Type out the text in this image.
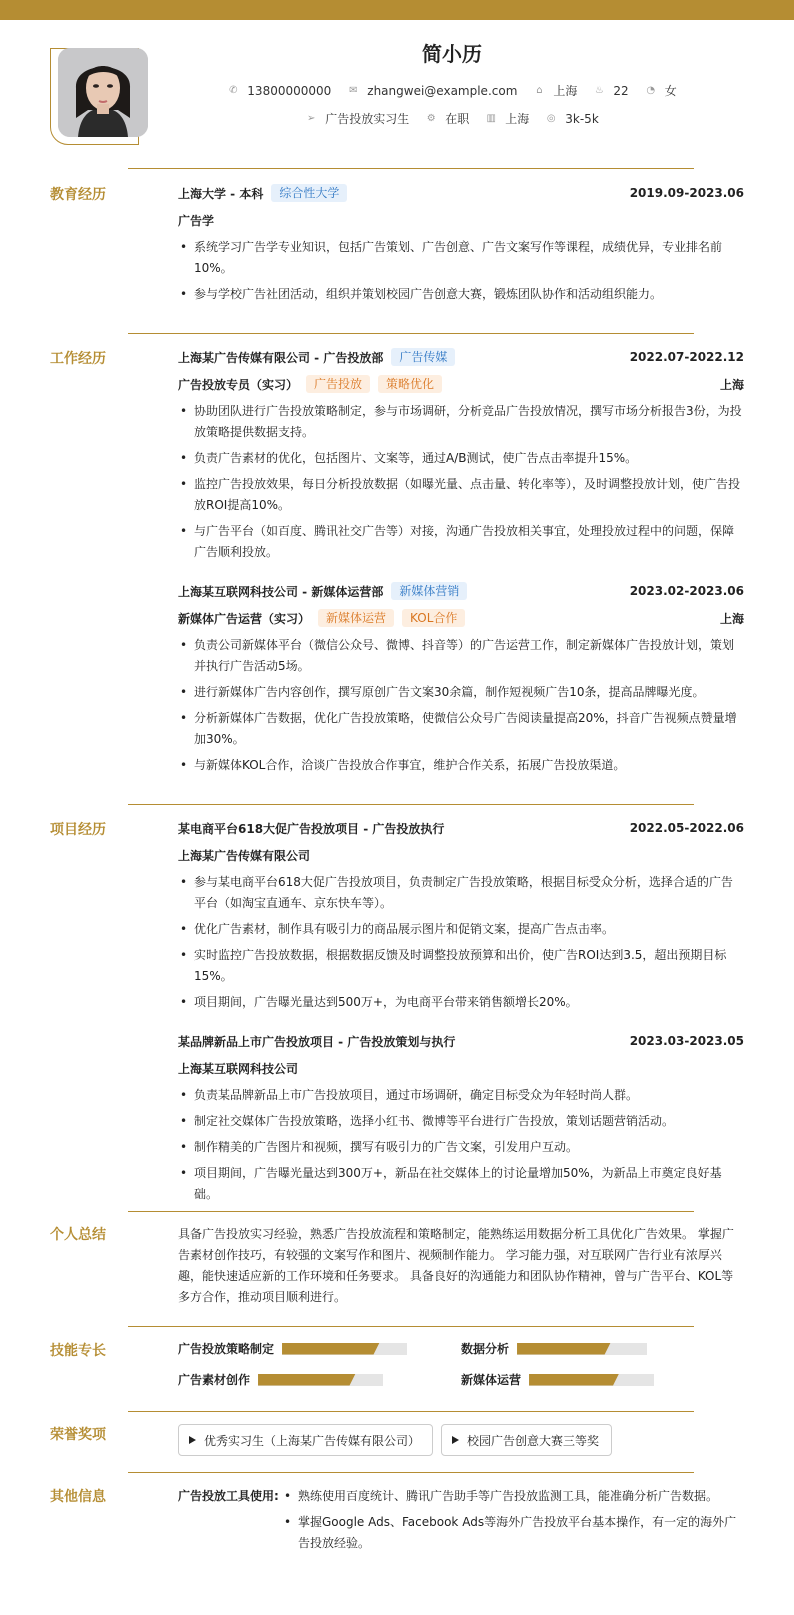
简小历
✆ 13800000000 ✉ zhangwei@example.com ⌂ 上海 ♨ 22 ◔ 女
➢ 广告投放实习生 ⚙ 在职 ▥ 上海 ◎ 3k-5k
教育经历	上海大学 - 本科	综合性大学	2019.09-2023.06
广告学
• 系统学习广告学专业知识，包括广告策划、广告创意、广告文案写作等课程，成绩优异，专业排名前10%。
• 参与学校广告社团活动，组织并策划校园广告创意大赛，锻炼团队协作和活动组织能力。
工作经历	上海某广告传媒有限公司 - 广告投放部	广告传媒	2022.07-2022.12
广告投放专员（实习）	广告投放	策略优化	上海
• 协助团队进行广告投放策略制定，参与市场调研，分析竞品广告投放情况，撰写市场分析报告3份，为投放策略提供数据支持。
• 负责广告素材的优化，包括图片、文案等，通过A/B测试，使广告点击率提升15%。
• 监控广告投放效果，每日分析投放数据（如曝光量、点击量、转化率等），及时调整投放计划，使广告投放ROI提高10%。
• 与广告平台（如百度、腾讯社交广告等）对接，沟通广告投放相关事宜，处理投放过程中的问题，保障广告顺利投放。
上海某互联网科技公司 - 新媒体运营部	新媒体营销	2023.02-2023.06
新媒体广告运营（实习）	新媒体运营	KOL合作	上海
• 负责公司新媒体平台（微信公众号、微博、抖音等）的广告运营工作，制定新媒体广告投放计划，策划并执行广告活动5场。
• 进行新媒体广告内容创作，撰写原创广告文案30余篇，制作短视频广告10条，提高品牌曝光度。
• 分析新媒体广告数据，优化广告投放策略，使微信公众号广告阅读量提高20%，抖音广告视频点赞量增加30%。
• 与新媒体KOL合作，洽谈广告投放合作事宜，维护合作关系，拓展广告投放渠道。
项目经历	某电商平台618大促广告投放项目 - 广告投放执行	2022.05-2022.06
上海某广告传媒有限公司
• 参与某电商平台618大促广告投放项目，负责制定广告投放策略，根据目标受众分析，选择合适的广告平台（如淘宝直通车、京东快车等）。
• 优化广告素材，制作具有吸引力的商品展示图片和促销文案，提高广告点击率。
• 实时监控广告投放数据，根据数据反馈及时调整投放预算和出价，使广告ROI达到3.5，超出预期目标15%。
• 项目期间，广告曝光量达到500万+，为电商平台带来销售额增长20%。
某品牌新品上市广告投放项目 - 广告投放策划与执行	2023.03-2023.05
上海某互联网科技公司
• 负责某品牌新品上市广告投放项目，通过市场调研，确定目标受众为年轻时尚人群。
• 制定社交媒体广告投放策略，选择小红书、微博等平台进行广告投放，策划话题营销活动。
• 制作精美的广告图片和视频，撰写有吸引力的广告文案，引发用户互动。
• 项目期间，广告曝光量达到300万+，新品在社交媒体上的讨论量增加50%，为新品上市奠定良好基础。
个人总结	具备广告投放实习经验，熟悉广告投放流程和策略制定，能熟练运用数据分析工具优化广告效果。 掌握广告素材创作技巧，有较强的文案写作和图片、视频制作能力。 学习能力强，对互联网广告行业有浓厚兴趣，能快速适应新的工作环境和任务要求。 具备良好的沟通能力和团队协作精神，曾与广告平台、KOL等多方合作，推动项目顺利进行。
技能专长	广告投放策略制定	数据分析
广告素材创作	新媒体运营
荣誉奖项	优秀实习生（上海某广告传媒有限公司）	校园广告创意大赛三等奖
其他信息	广告投放工具使用:
•	熟练使用百度统计、腾讯广告助手等广告投放监测工具，能准确分析广告数据。
• 掌握Google Ads、Facebook Ads等海外广告投放平台基本操作，有一定的海外广告投放经验。
